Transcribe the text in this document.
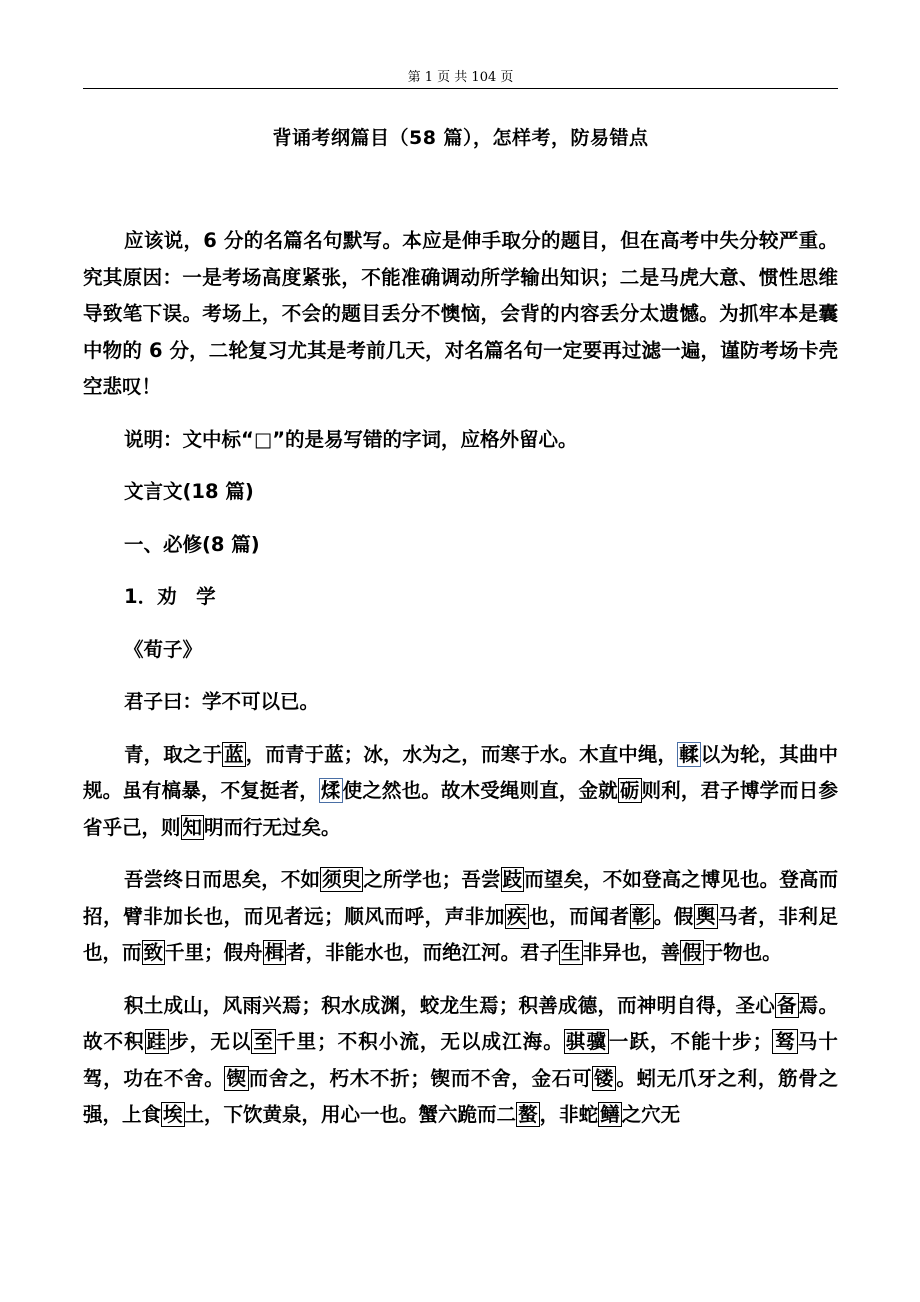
第 1 页 共 104 页
背诵考纲篇目（58 篇），怎样考，防易错点

应该说，6 分的名篇名句默写。本应是伸手取分的题目，但在高考中失分较严重。究其原因：一是考场高度紧张，不能准确调动所学输出知识；二是马虎大意、惯性思维导致笔下误。考场上，不会的题目丢分不懊恼，会背的内容丢分太遗憾。为抓牢本是囊中物的 6 分，二轮复习尤其是考前几天，对名篇名句一定要再过滤一遍，谨防考场卡壳空悲叹！

说明：文中标“□”的是易写错的字词，应格外留心。

文言文(18 篇)

一、必修(8 篇)

1．劝　学

《荀子》

君子曰：学不可以已。

青，取之于 蓝 ，而青于蓝；冰，水为之，而寒于水。木直中绳， 輮 以为轮，其曲中规。虽有槁暴，不复挺者， 煣 使之然也。故木受绳则直，金就 砺 则利，君子博学而日参省乎己，则 知 明而行无过矣。

吾尝终日而思矣，不如 须臾 之所学也；吾尝 跂 而望矣，不如登高之博见也。登高而招，臂非加长也，而见者远；顺风而呼，声非加 疾 也，而闻者 彰 。假 舆 马者，非利足也，而 致 千里；假舟 楫 者，非能水也，而绝江河。君子 生 非异也，善 假 于物也。

积土成山，风雨兴焉；积水成渊，蛟龙生焉；积善成德，而神明自得，圣心 备 焉。故不积 跬 步，无以 至 千里；不积小流，无以成江海。 骐骥 一跃，不能十步； 驽 马十驾，功在不舍。 锲 而舍之，朽木不折；锲而不舍，金石可 镂 。蚓无爪牙之利，筋骨之强，上食 埃 土，下饮黄泉，用心一也。蟹六跪而二 螯 ，非蛇 鳝 之穴无
